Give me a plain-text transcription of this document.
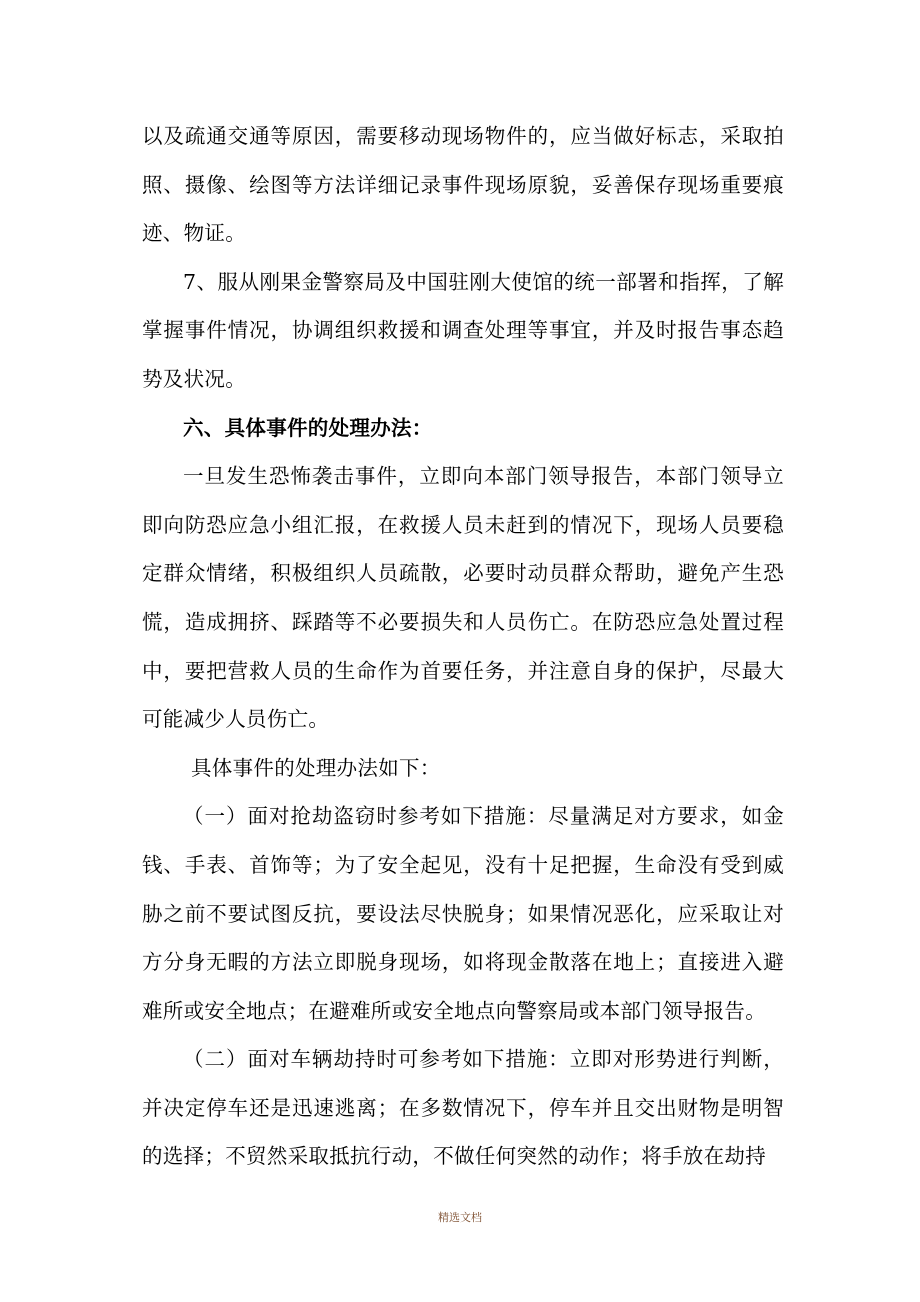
以及疏通交通等原因，需要移动现场物件的，应当做好标志，采取拍照、摄像、绘图等方法详细记录事件现场原貌，妥善保存现场重要痕迹、物证。

7、服从刚果金警察局及中国驻刚大使馆的统一部署和指挥，了解掌握事件情况，协调组织救援和调查处理等事宜，并及时报告事态趋势及状况。

六、具体事件的处理办法：

一旦发生恐怖袭击事件，立即向本部门领导报告，本部门领导立即向防恐应急小组汇报，在救援人员未赶到的情况下，现场人员要稳定群众情绪，积极组织人员疏散，必要时动员群众帮助，避免产生恐慌，造成拥挤、踩踏等不必要损失和人员伤亡。在防恐应急处置过程中，要把营救人员的生命作为首要任务，并注意自身的保护，尽最大可能减少人员伤亡。

具体事件的处理办法如下：

（一）面对抢劫盗窃时参考如下措施：尽量满足对方要求，如金钱、手表、首饰等；为了安全起见，没有十足把握，生命没有受到威胁之前不要试图反抗，要设法尽快脱身；如果情况恶化，应采取让对方分身无暇的方法立即脱身现场，如将现金散落在地上；直接进入避难所或安全地点；在避难所或安全地点向警察局或本部门领导报告。

（二）面对车辆劫持时可参考如下措施：立即对形势进行判断，并决定停车还是迅速逃离；在多数情况下，停车并且交出财物是明智的选择；不贸然采取抵抗行动，不做任何突然的动作；将手放在劫持

精选文档
